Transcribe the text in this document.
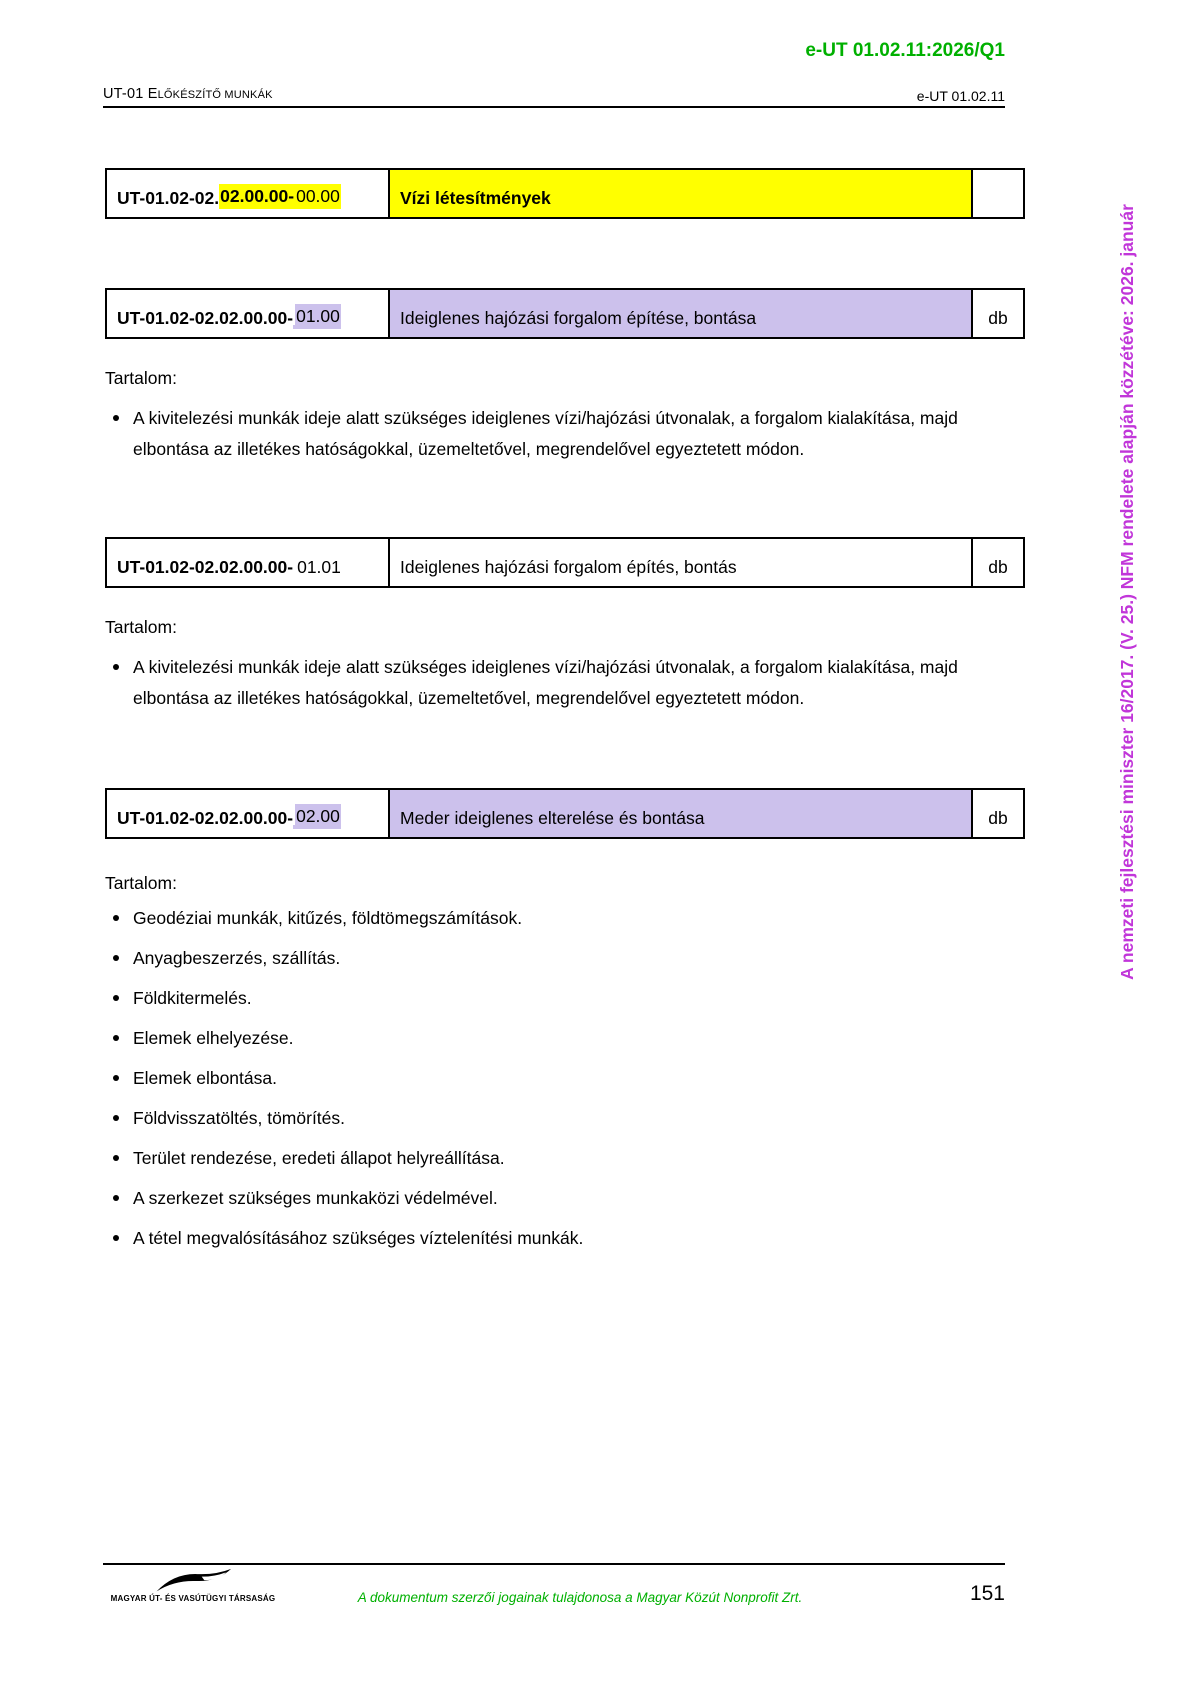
e-UT 01.02.11:2026/Q1
UT-01 ELŐKÉSZÍTŐ MUNKÁK	e-UT 01.02.11
UT-01.02-02. 02.00.00- 00.00	Vízi létesítmények
UT-01.02-02.02.00.00- 01.00	Ideiglenes hajózási forgalom építése, bontása	db
Tartalom:
A kivitelezési munkák ideje alatt szükséges ideiglenes vízi/hajózási útvonalak, a forgalom kialakítása, majd elbontása az illetékes hatóságokkal, üzemeltetővel, megrendelővel egyeztetett módon.
UT-01.02-02.02.00.00- 01.01	Ideiglenes hajózási forgalom építés, bontás	db
Tartalom:
A kivitelezési munkák ideje alatt szükséges ideiglenes vízi/hajózási útvonalak, a forgalom kialakítása, majd elbontása az illetékes hatóságokkal, üzemeltetővel, megrendelővel egyeztetett módon.
UT-01.02-02.02.00.00- 02.00	Meder ideiglenes elterelése és bontása	db
Tartalom:
Geodéziai munkák, kitűzés, földtömegszámítások.
Anyagbeszerzés, szállítás.
Földkitermelés.
Elemek elhelyezése.
Elemek elbontása.
Földvisszatöltés, tömörítés.
Terület rendezése, eredeti állapot helyreállítása.
A szerkezet szükséges munkaközi védelmével.
A tétel megvalósításához szükséges víztelenítési munkák.
A nemzeti fejlesztési miniszter 16/2017. (V. 25.) NFM rendelete alapján közzétéve: 2026. január
MAGYAR ÚT- ÉS VASÚTÜGYI TÁRSASÁG	A dokumentum szerzői jogainak tulajdonosa a Magyar Közút Nonprofit Zrt.	151
